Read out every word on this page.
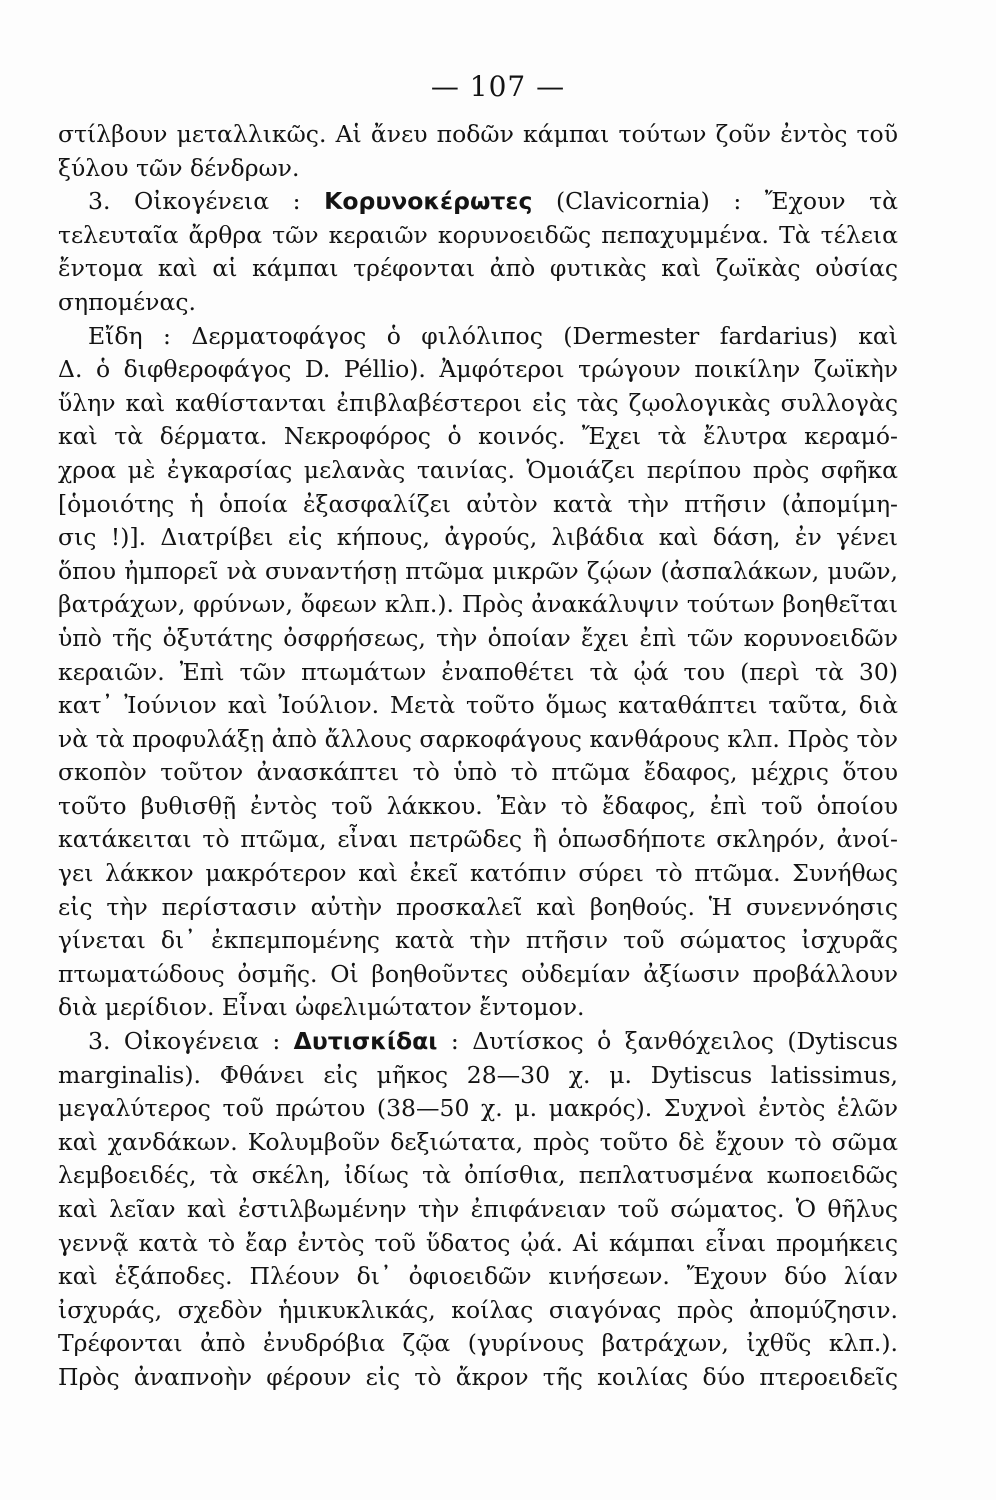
— 107 —
στίλβουν μεταλλικῶς. Αἱ ἄνευ ποδῶν κάμπαι τούτων ζοῦν ἐντὸς τοῦ
ξύλου τῶν δένδρων.
3. Οἰκογένεια : Κορυνοκέρωτες (Clavicornia) : Ἔχουν τὰ
τελευταῖα ἄρθρα τῶν κεραιῶν κορυνοειδῶς πεπαχυμμένα. Τὰ τέλεια
ἔντομα καὶ αἱ κάμπαι τρέφονται ἀπὸ φυτικὰς καὶ ζωϊκὰς οὐσίας
σηπομένας.
Εἴδη : Δερματοφάγος ὁ φιλόλιπος (Dermester fardarius) καὶ
Δ. ὁ διφθεροφάγος D. Péllio). Ἀμφότεροι τρώγουν ποικίλην ζωϊκὴν
ὕλην καὶ καθίστανται ἐπιβλαβέστεροι εἰς τὰς ζῳολογικὰς συλλογὰς
καὶ τὰ δέρματα. Νεκροφόρος ὁ κοινός. Ἔχει τὰ ἔλυτρα κεραμό-
χροα μὲ ἐγκαρσίας μελανὰς ταινίας. Ὁμοιάζει περίπου πρὸς σφῆκα
[ὁμοιότης ἡ ὁποία ἐξασφαλίζει αὐτὸν κατὰ τὴν πτῆσιν (ἀπομίμη-
σις !)]. Διατρίβει εἰς κήπους, ἀγρούς, λιβάδια καὶ δάση, ἐν γένει
ὅπου ἠμπορεῖ νὰ συναντήσῃ πτῶμα μικρῶν ζῴων (ἀσπαλάκων, μυῶν,
βατράχων, φρύνων, ὄφεων κλπ.). Πρὸς ἀνακάλυψιν τούτων βοηθεῖται
ὑπὸ τῆς ὀξυτάτης ὀσφρήσεως, τὴν ὁποίαν ἔχει ἐπὶ τῶν κορυνοειδῶν
κεραιῶν. Ἐπὶ τῶν πτωμάτων ἐναποθέτει τὰ ᾠά του (περὶ τὰ 30)
κατ᾽ Ἰούνιον καὶ Ἰούλιον. Μετὰ τοῦτο ὅμως καταθάπτει ταῦτα, διὰ
νὰ τὰ προφυλάξῃ ἀπὸ ἄλλους σαρκοφάγους κανθάρους κλπ. Πρὸς τὸν
σκοπὸν τοῦτον ἀνασκάπτει τὸ ὑπὸ τὸ πτῶμα ἔδαφος, μέχρις ὅτου
τοῦτο βυθισθῇ ἐντὸς τοῦ λάκκου. Ἐὰν τὸ ἔδαφος, ἐπὶ τοῦ ὁποίου
κατάκειται τὸ πτῶμα, εἶναι πετρῶδες ἢ ὁπωσδήποτε σκληρόν, ἀνοί-
γει λάκκον μακρότερον καὶ ἐκεῖ κατόπιν σύρει τὸ πτῶμα. Συνήθως
εἰς τὴν περίστασιν αὐτὴν προσκαλεῖ καὶ βοηθούς. Ἡ συνεννόησις
γίνεται δι᾽ ἐκπεμπομένης κατὰ τὴν πτῆσιν τοῦ σώματος ἰσχυρᾶς
πτωματώδους ὀσμῆς. Οἱ βοηθοῦντες οὐδεμίαν ἀξίωσιν προβάλλουν
διὰ μερίδιον. Εἶναι ὠφελιμώτατον ἔντομον.
3. Οἰκογένεια : Δυτισκίδαι : Δυτίσκος ὁ ξανθόχειλος (Dytiscus
marginalis). Φθάνει εἰς μῆκος 28—30 χ. μ. Dytiscus latissimus,
μεγαλύτερος τοῦ πρώτου (38—50 χ. μ. μακρός). Συχνοὶ ἐντὸς ἑλῶν
καὶ χανδάκων. Κολυμβοῦν δεξιώτατα, πρὸς τοῦτο δὲ ἔχουν τὸ σῶμα
λεμβοειδές, τὰ σκέλη, ἰδίως τὰ ὀπίσθια, πεπλατυσμένα κωποειδῶς
καὶ λεῖαν καὶ ἐστιλβωμένην τὴν ἐπιφάνειαν τοῦ σώματος. Ὁ θῆλυς
γεννᾷ κατὰ τὸ ἔαρ ἐντὸς τοῦ ὕδατος ᾠά. Αἱ κάμπαι εἶναι προμήκεις
καὶ ἑξάποδες. Πλέουν δι᾽ ὀφιοειδῶν κινήσεων. Ἔχουν δύο λίαν
ἰσχυράς, σχεδὸν ἡμικυκλικάς, κοίλας σιαγόνας πρὸς ἀπομύζησιν.
Τρέφονται ἀπὸ ἐνυδρόβια ζῷα (γυρίνους βατράχων, ἰχθῦς κλπ.).
Πρὸς ἀναπνοὴν φέρουν εἰς τὸ ἄκρον τῆς κοιλίας δύο πτεροειδεῖς
